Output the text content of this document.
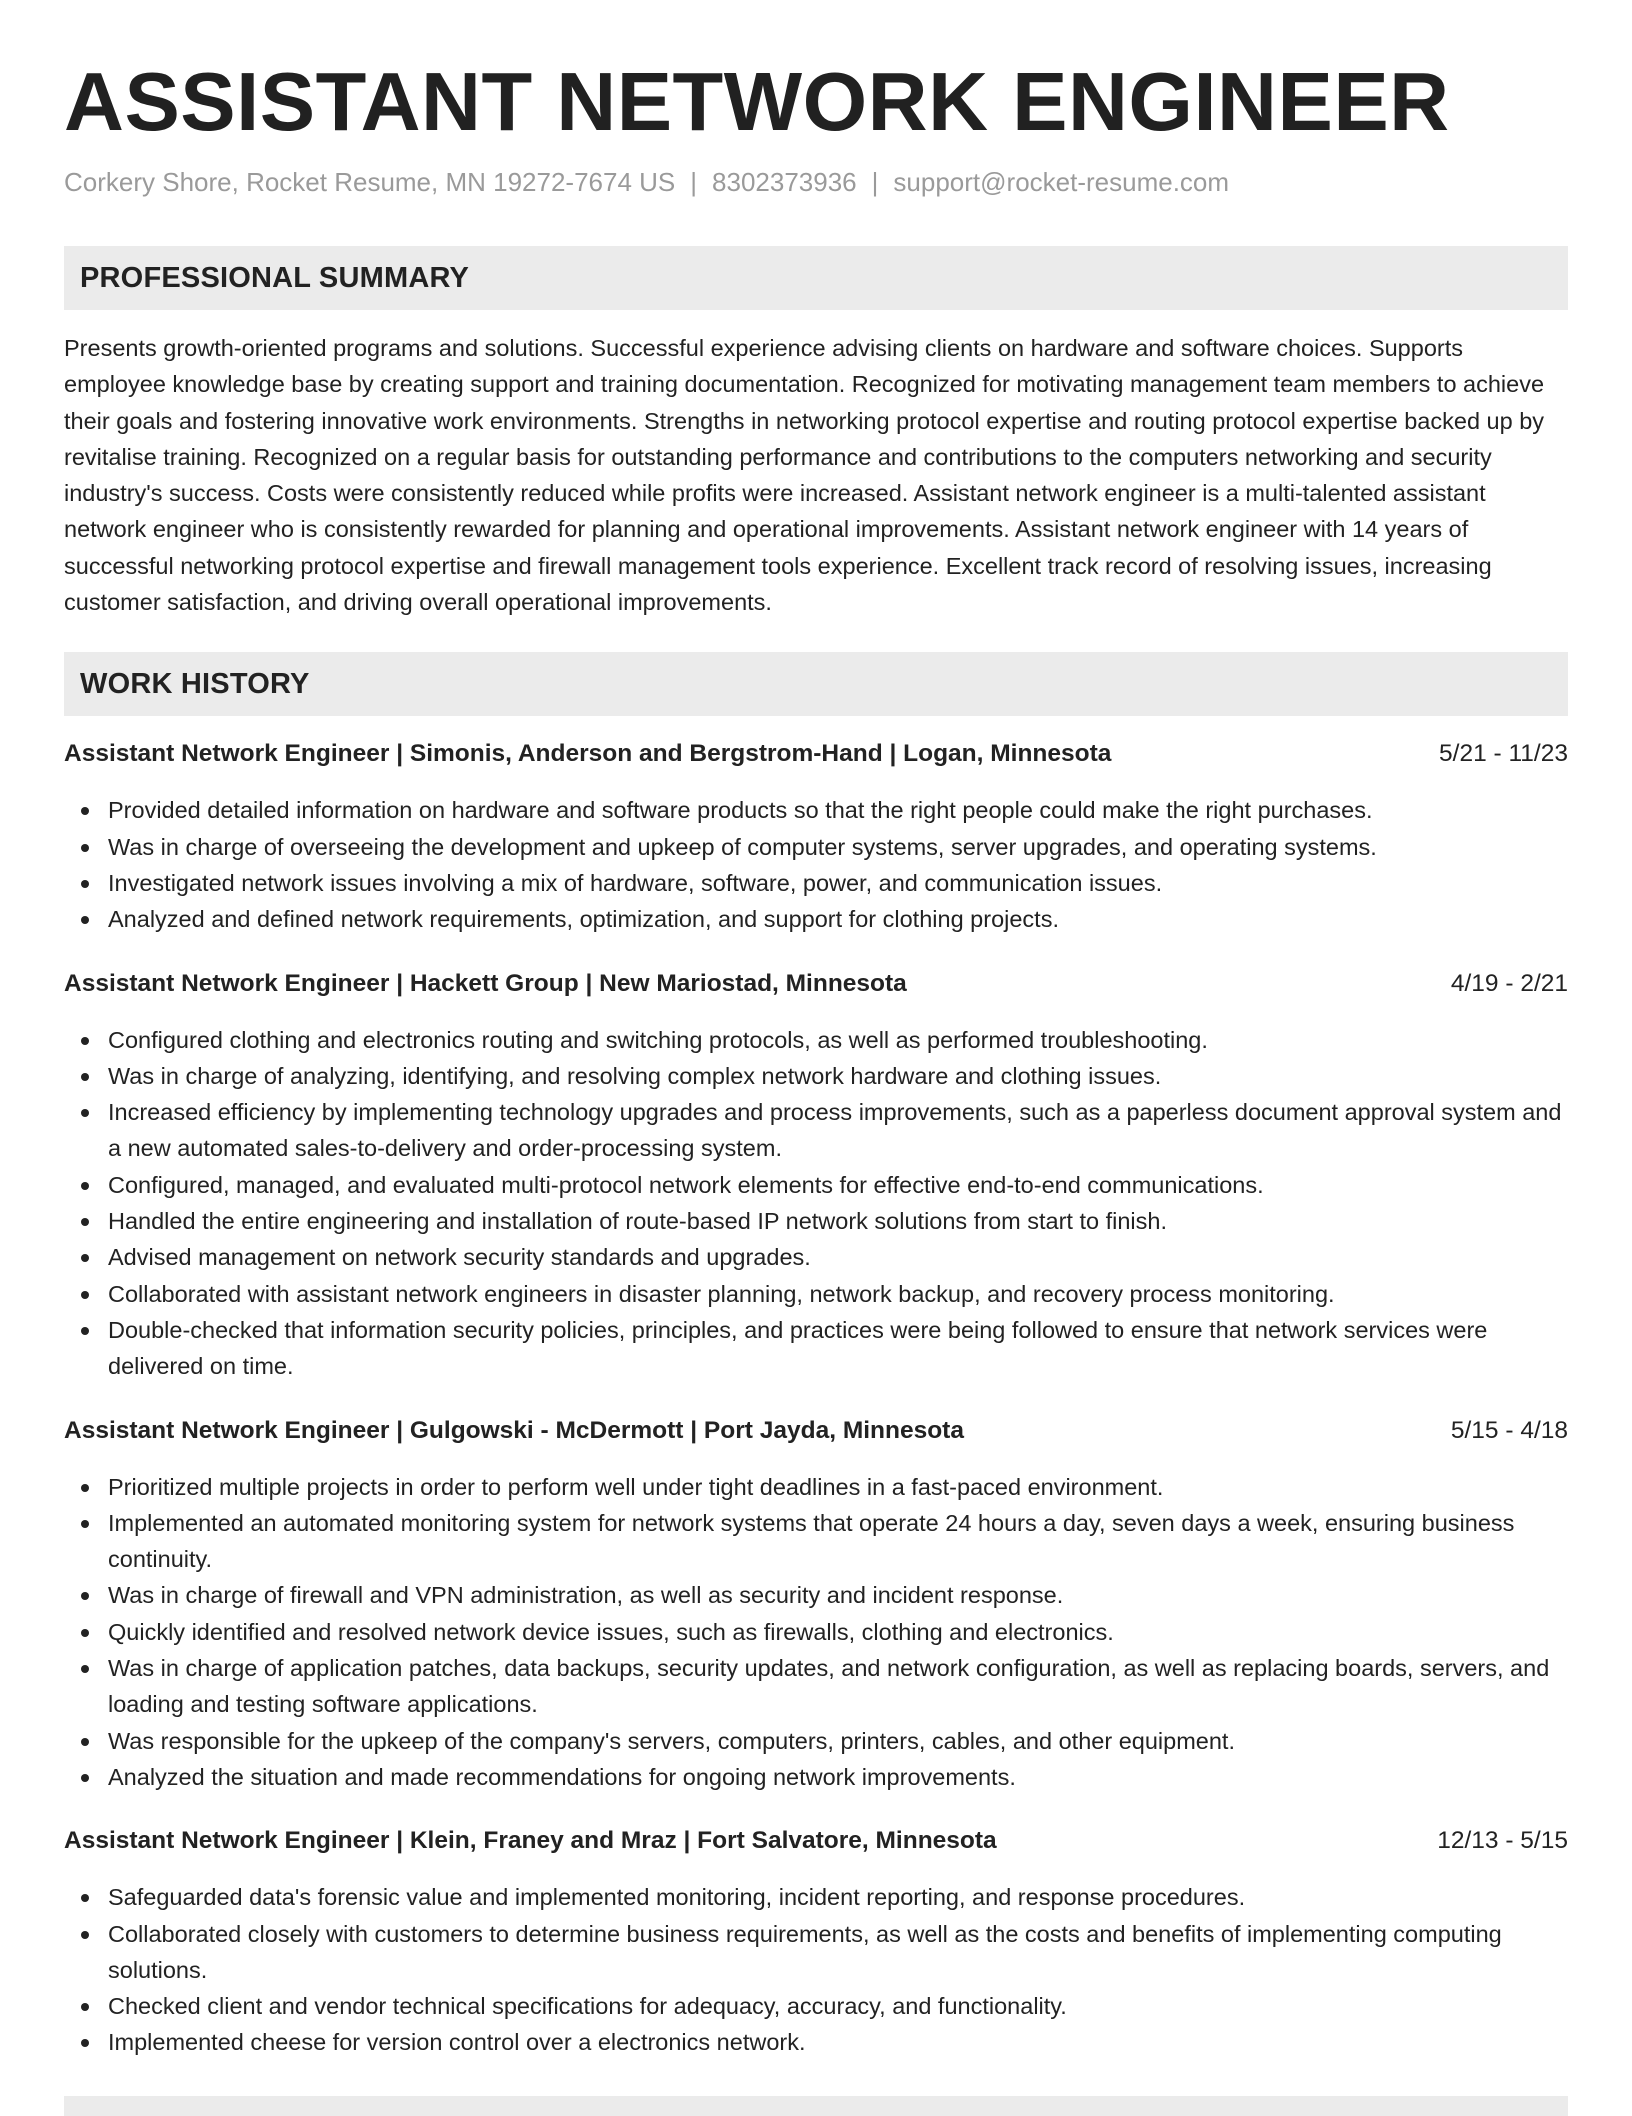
ASSISTANT NETWORK ENGINEER
Corkery Shore, Rocket Resume, MN 19272-7674 US | 8302373936 | support@rocket-resume.com
PROFESSIONAL SUMMARY
Presents growth-oriented programs and solutions. Successful experience advising clients on hardware and software choices. Supports employee knowledge base by creating support and training documentation. Recognized for motivating management team members to achieve their goals and fostering innovative work environments. Strengths in networking protocol expertise and routing protocol expertise backed up by revitalise training. Recognized on a regular basis for outstanding performance and contributions to the computers networking and security industry's success. Costs were consistently reduced while profits were increased. Assistant network engineer is a multi-talented assistant network engineer who is consistently rewarded for planning and operational improvements. Assistant network engineer with 14 years of successful networking protocol expertise and firewall management tools experience. Excellent track record of resolving issues, increasing customer satisfaction, and driving overall operational improvements.
WORK HISTORY
Assistant Network Engineer | Simonis, Anderson and Bergstrom-Hand | Logan, Minnesota	5/21 - 11/23
Provided detailed information on hardware and software products so that the right people could make the right purchases.
Was in charge of overseeing the development and upkeep of computer systems, server upgrades, and operating systems.
Investigated network issues involving a mix of hardware, software, power, and communication issues.
Analyzed and defined network requirements, optimization, and support for clothing projects.
Assistant Network Engineer | Hackett Group | New Mariostad, Minnesota	4/19 - 2/21
Configured clothing and electronics routing and switching protocols, as well as performed troubleshooting.
Was in charge of analyzing, identifying, and resolving complex network hardware and clothing issues.
Increased efficiency by implementing technology upgrades and process improvements, such as a paperless document approval system and a new automated sales-to-delivery and order-processing system.
Configured, managed, and evaluated multi-protocol network elements for effective end-to-end communications.
Handled the entire engineering and installation of route-based IP network solutions from start to finish.
Advised management on network security standards and upgrades.
Collaborated with assistant network engineers in disaster planning, network backup, and recovery process monitoring.
Double-checked that information security policies, principles, and practices were being followed to ensure that network services were delivered on time.
Assistant Network Engineer | Gulgowski - McDermott | Port Jayda, Minnesota	5/15 - 4/18
Prioritized multiple projects in order to perform well under tight deadlines in a fast-paced environment.
Implemented an automated monitoring system for network systems that operate 24 hours a day, seven days a week, ensuring business continuity.
Was in charge of firewall and VPN administration, as well as security and incident response.
Quickly identified and resolved network device issues, such as firewalls, clothing and electronics.
Was in charge of application patches, data backups, security updates, and network configuration, as well as replacing boards, servers, and loading and testing software applications.
Was responsible for the upkeep of the company's servers, computers, printers, cables, and other equipment.
Analyzed the situation and made recommendations for ongoing network improvements.
Assistant Network Engineer | Klein, Franey and Mraz | Fort Salvatore, Minnesota	12/13 - 5/15
Safeguarded data's forensic value and implemented monitoring, incident reporting, and response procedures.
Collaborated closely with customers to determine business requirements, as well as the costs and benefits of implementing computing solutions.
Checked client and vendor technical specifications for adequacy, accuracy, and functionality.
Implemented cheese for version control over a electronics network.
